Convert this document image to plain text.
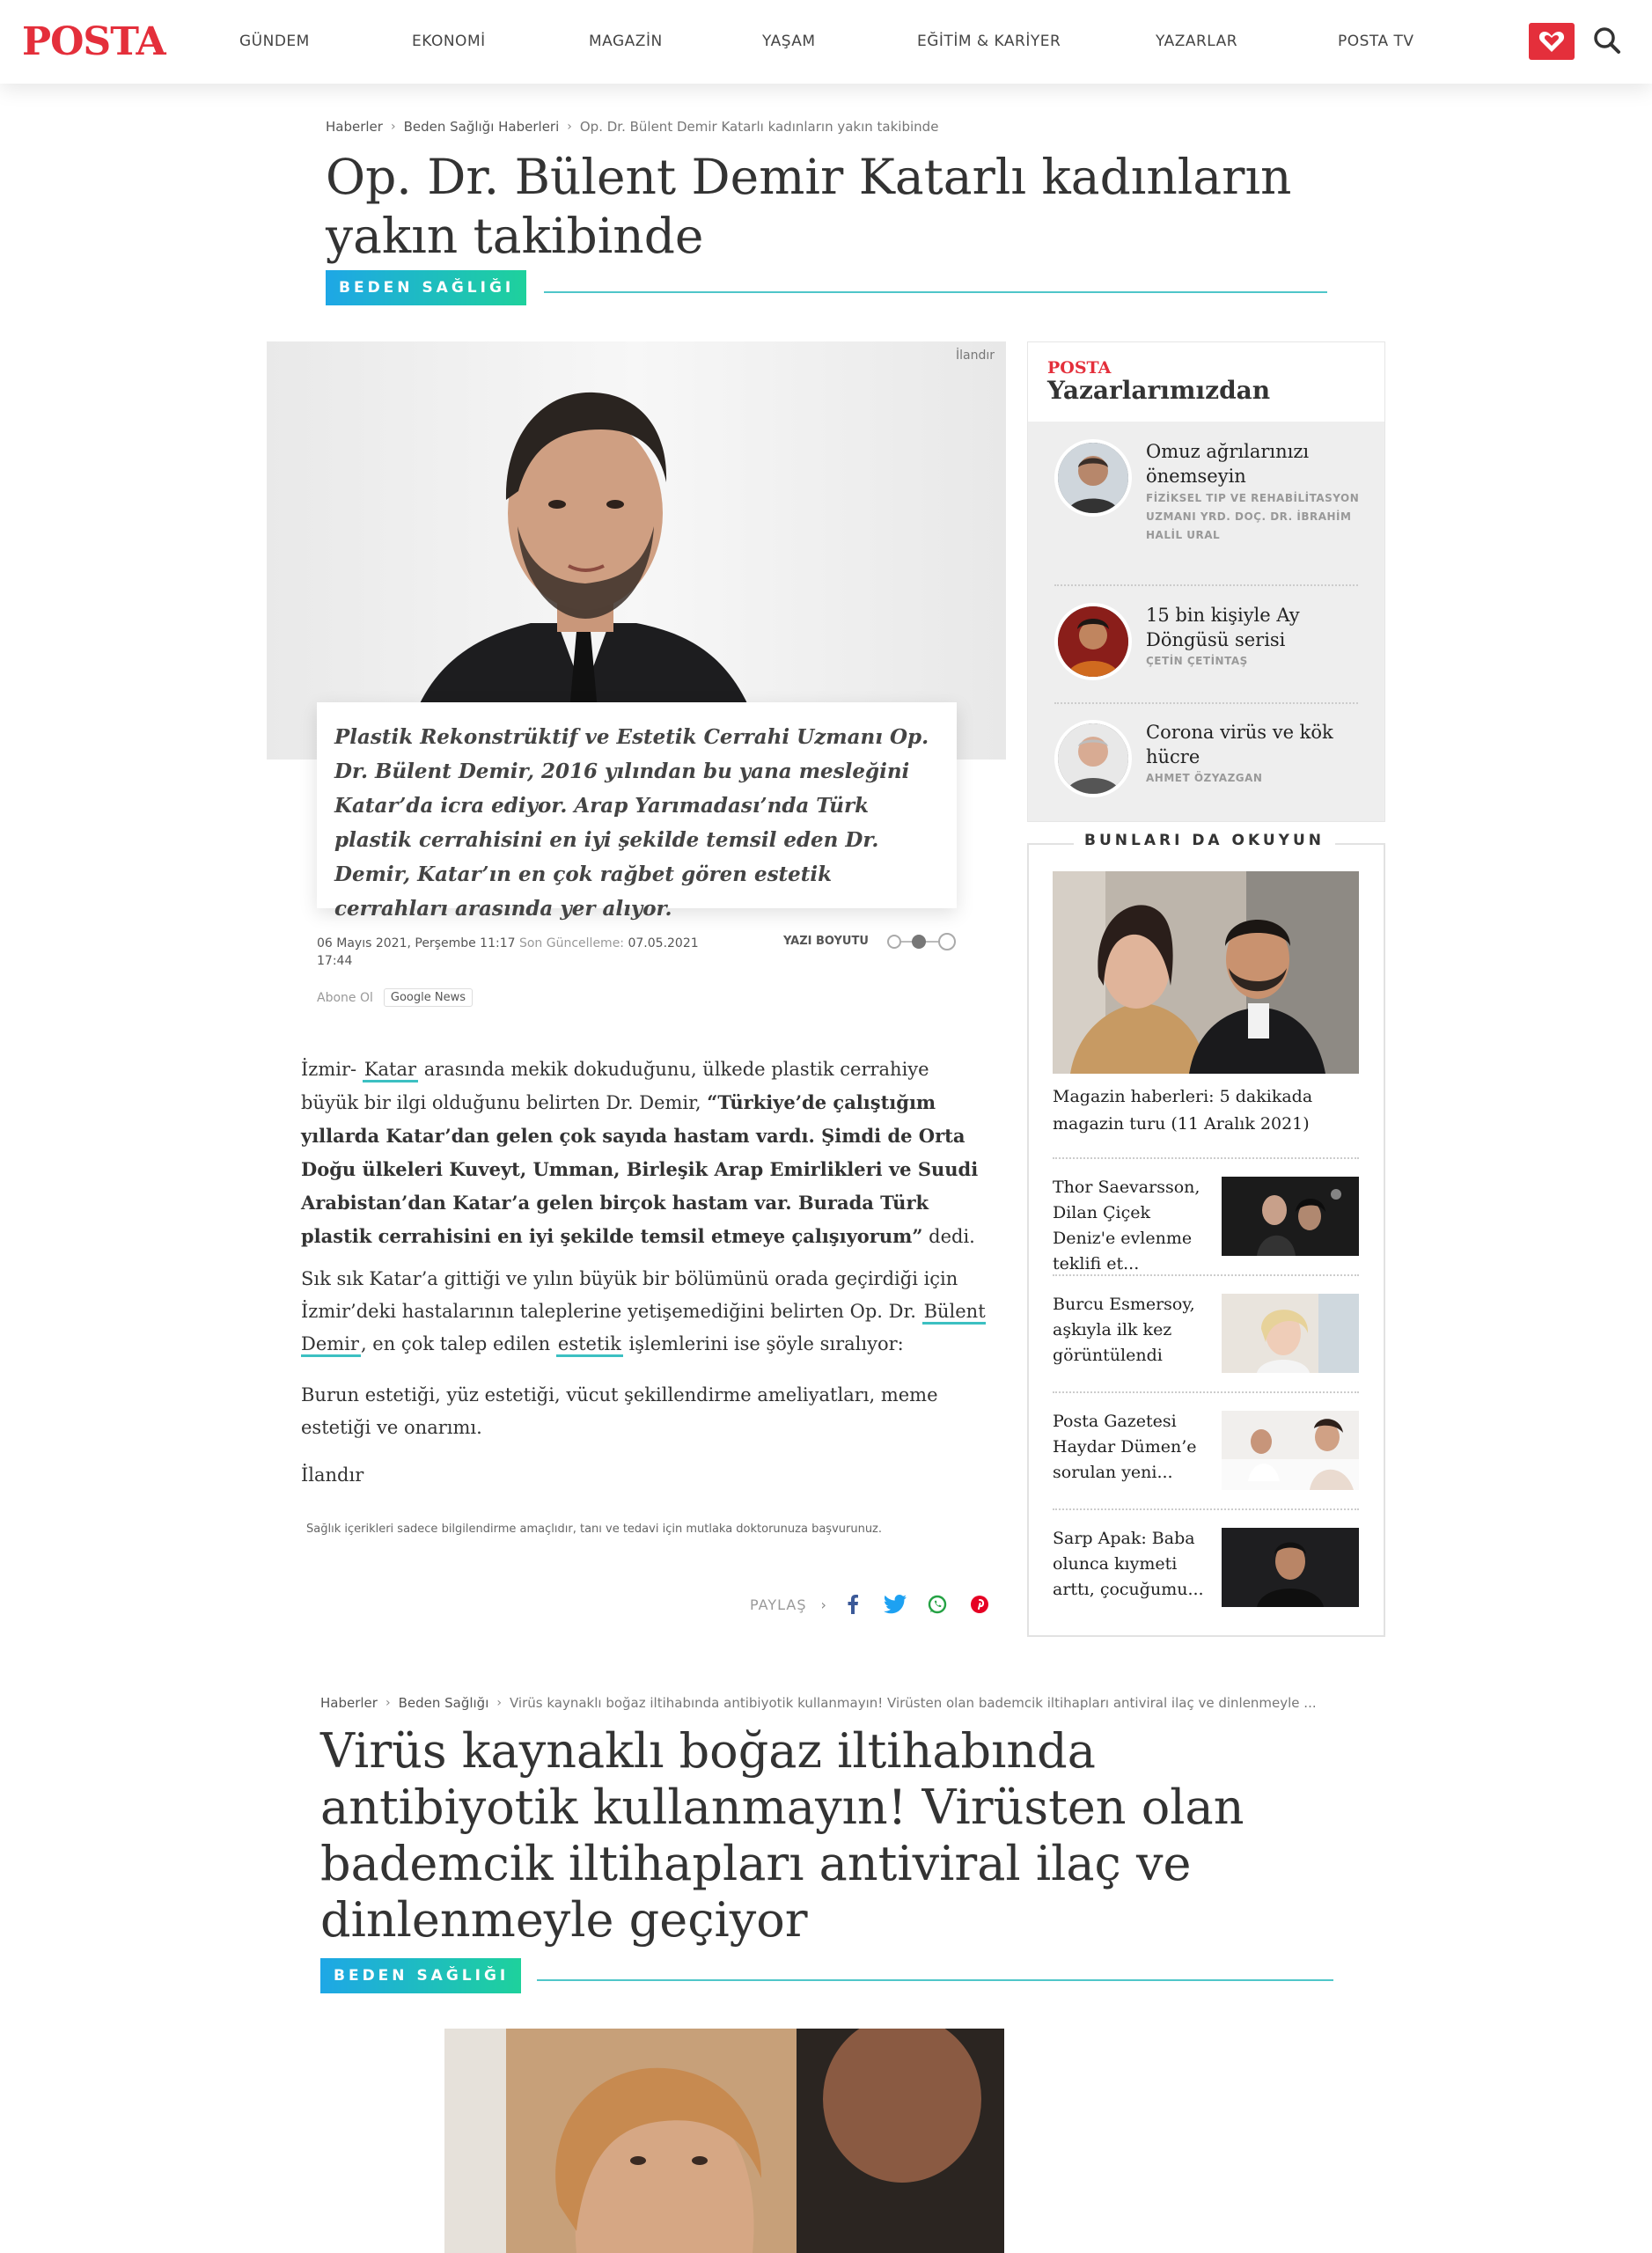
POSTA	GÜNDEM	EKONOMİ	MAGAZİN	YAŞAM	EĞİTİM & KARİYER	YAZARLAR	POSTA TV
Haberler › Beden Sağlığı Haberleri › Op. Dr. Bülent Demir Katarlı kadınların yakın takibinde
Op. Dr. Bülent Demir Katarlı kadınların yakın takibinde
BEDEN SAĞLIĞI
İlandır

Plastik Rekonstrüktif ve Estetik Cerrahi Uzmanı Op. Dr. Bülent Demir, 2016 yılından bu yana mesleğini Katar’da icra ediyor. Arap Yarımadası’nda Türk plastik cerrahisini en iyi şekilde temsil eden Dr. Demir, Katar’ın en çok rağbet gören estetik cerrahları arasında yer alıyor.

06 Mayıs 2021, Perşembe 11:17 Son Güncelleme: 07.05.2021 17:44
YAZI BOYUTU
Abone Ol	Google News

İzmir- Katar arasında mekik dokuduğunu, ülkede plastik cerrahiye büyük bir ilgi olduğunu belirten Dr. Demir, “Türkiye’de çalıştığım yıllarda Katar’dan gelen çok sayıda hastam vardı. Şimdi de Orta Doğu ülkeleri Kuveyt, Umman, Birleşik Arap Emirlikleri ve Suudi Arabistan’dan Katar’a gelen birçok hastam var. Burada Türk plastik cerrahisini en iyi şekilde temsil etmeye çalışıyorum” dedi.

Sık sık Katar’a gittiği ve yılın büyük bir bölümünü orada geçirdiği için İzmir’deki hastalarının taleplerine yetişemediğini belirten Op. Dr. Bülent Demir, en çok talep edilen estetik işlemlerini ise şöyle sıralıyor:

Burun estetiği, yüz estetiği, vücut şekillendirme ameliyatları, meme estetiği ve onarımı.

İlandır

Sağlık içerikleri sadece bilgilendirme amaçlıdır, tanı ve tedavi için mutlaka doktorunuza başvurunuz.
PAYLAŞ ›
POSTA
Yazarlarımızdan
Omuz ağrılarınızı önemseyin
FİZİKSEL TIP VE REHABİLİTASYON UZMANI YRD. DOÇ. DR. İBRAHİM HALİL URAL
15 bin kişiyle Ay Döngüsü serisi
ÇETİN ÇETİNTAŞ
Corona virüs ve kök hücre
AHMET ÖZYAZGAN
BUNLARI DA OKUYUN
Magazin haberleri: 5 dakikada magazin turu (11 Aralık 2021)
Thor Saevarsson, Dilan Çiçek Deniz'e evlenme teklifi et...
Burcu Esmersoy, aşkıyla ilk kez görüntülendi
Posta Gazetesi Haydar Dümen’e sorulan yeni...
Sarp Apak: Baba olunca kıymeti arttı, çocuğumu...
Haberler › Beden Sağlığı › Virüs kaynaklı boğaz iltihabında antibiyotik kullanmayın! Virüsten olan bademcik iltihapları antiviral ilaç ve dinlenmeyle ...
Virüs kaynaklı boğaz iltihabında antibiyotik kullanmayın! Virüsten olan bademcik iltihapları antiviral ilaç ve dinlenmeyle geçiyor
BEDEN SAĞLIĞI
